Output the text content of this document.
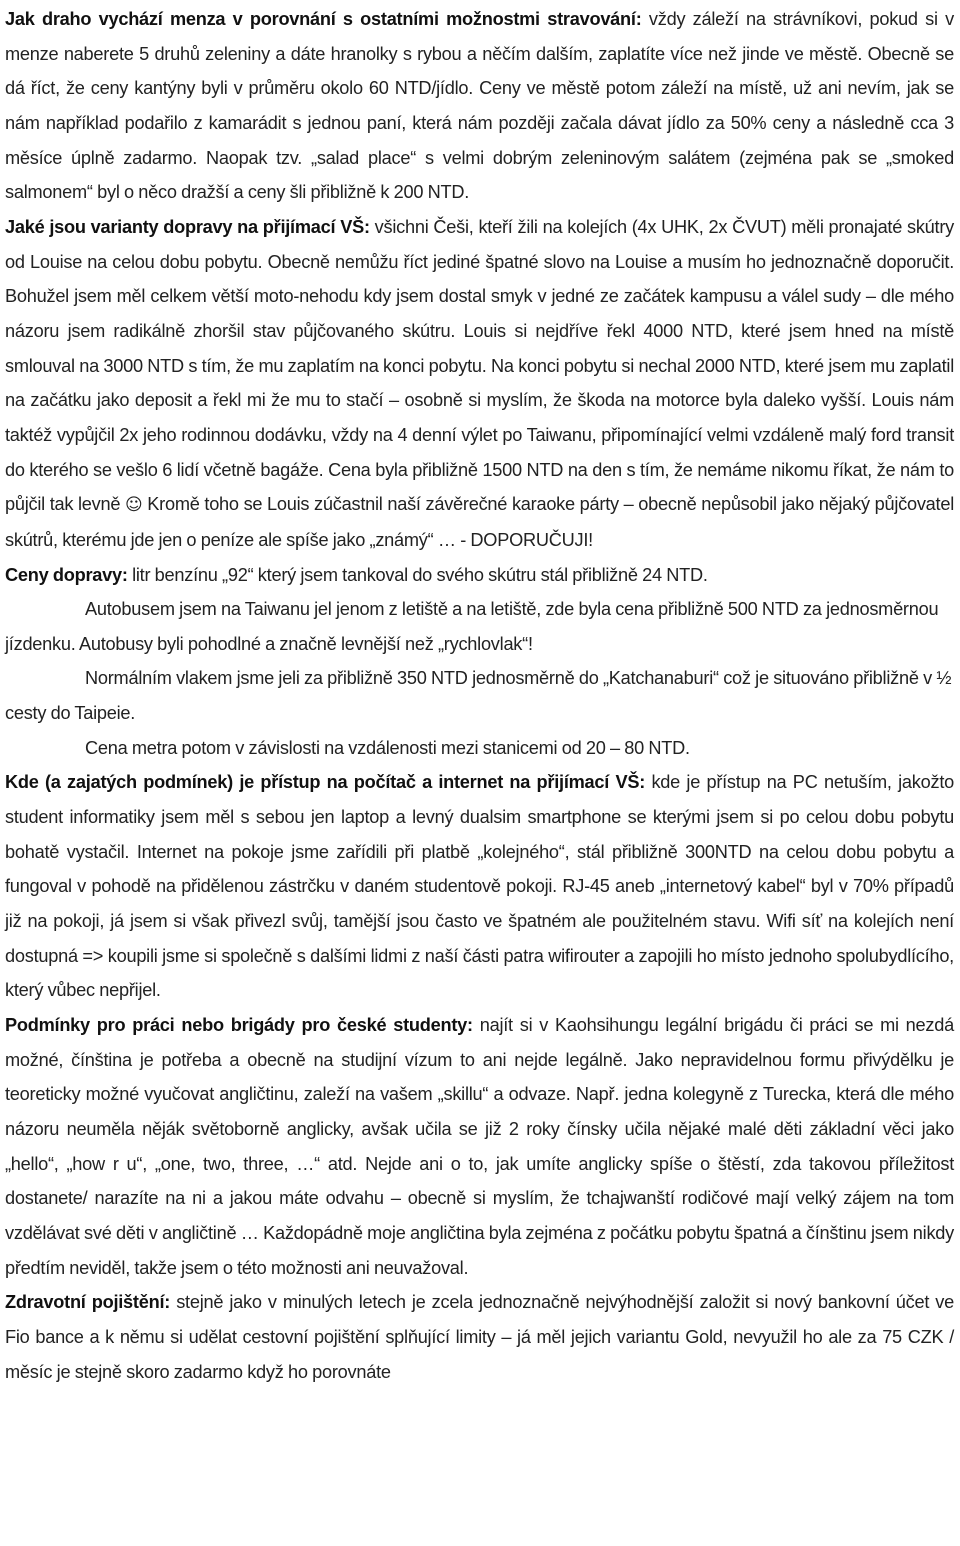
Jak draho vychází menza v porovnání s ostatními možnostmi stravování: vždy záleží na strávníkovi, pokud si v menze naberete 5 druhů zeleniny a dáte hranolky s rybou a něčím dalším, zaplatíte více než jinde ve městě. Obecně se dá říct, že ceny kantýny byli v průměru okolo 60 NTD/jídlo. Ceny ve městě potom záleží na místě, už ani nevím, jak se nám například podařilo z kamarádit s jednou paní, která nám později začala dávat jídlo za 50% ceny a následně cca 3 měsíce úplně zadarmo. Naopak tzv. „salad place“ s velmi dobrým zeleninovým salátem (zejména pak se „smoked salmonem“ byl o něco dražší a ceny šli přibližně k 200 NTD.

Jaké jsou varianty dopravy na přijímací VŠ: všichni Češi, kteří žili na kolejích (4x UHK, 2x ČVUT) měli pronajaté skútry od Louise na celou dobu pobytu. Obecně nemůžu říct jediné špatné slovo na Louise a musím ho jednoznačně doporučit. Bohužel jsem měl celkem větší moto-nehodu kdy jsem dostal smyk v jedné ze začátek kampusu a válel sudy – dle mého názoru jsem radikálně zhoršil stav půjčovaného skútru. Louis si nejdříve řekl 4000 NTD, které jsem hned na místě smlouval na 3000 NTD s tím, že mu zaplatím na konci pobytu. Na konci pobytu si nechal 2000 NTD, které jsem mu zaplatil na začátku jako deposit a řekl mi že mu to stačí – osobně si myslím, že škoda na motorce byla daleko vyšší. Louis nám taktéž vypůjčil 2x jeho rodinnou dodávku, vždy na 4 denní výlet po Taiwanu, připomínající velmi vzdáleně malý ford transit do kterého se vešlo 6 lidí včetně bagáže. Cena byla přibližně 1500 NTD na den s tím, že nemáme nikomu říkat, že nám to půjčil tak levně ☺ Kromě toho se Louis zúčastnil naší závěrečné karaoke párty – obecně nepůsobil jako nějaký půjčovatel skútrů, kterému jde jen o peníze ale spíše jako „známý“ … - DOPORUČUJI!

Ceny dopravy: litr benzínu „92“ který jsem tankoval do svého skútru stál přibližně 24 NTD.

Autobusem jsem na Taiwanu jel jenom z letiště a na letiště, zde byla cena přibližně 500 NTD za jednosměrnou jízdenku. Autobusy byli pohodlné a značně levnější než „rychlovlak“!

Normálním vlakem jsme jeli za přibližně 350 NTD jednosměrně do „Katchanaburi“ což je situováno přibližně v ½ cesty do Taipeie.

Cena metra potom v závislosti na vzdálenosti mezi stanicemi od 20 – 80 NTD.

Kde (a zajatých podmínek) je přístup na počítač a internet na přijímací VŠ: kde je přístup na PC netuším, jakožto student informatiky jsem měl s sebou jen laptop a levný dualsim smartphone se kterými jsem si po celou dobu pobytu bohatě vystačil. Internet na pokoje jsme zařídili při platbě „kolejného“, stál přibližně 300NTD na celou dobu pobytu a fungoval v pohodě na přidělenou zástrčku v daném studentově pokoji. RJ-45 aneb „internetový kabel“ byl v 70% případů již na pokoji, já jsem si však přivezl svůj, tamější jsou často ve špatném ale použitelném stavu. Wifi síť na kolejích není dostupná => koupili jsme si společně s dalšími lidmi z naší části patra wifirouter a zapojili ho místo jednoho spolubydlícího, který vůbec nepřijel.

Podmínky pro práci nebo brigády pro české studenty: najít si v Kaohsihungu legální brigádu či práci se mi nezdá možné, čínština je potřeba a obecně na studijní vízum to ani nejde legálně. Jako nepravidelnou formu přivýdělku je teoreticky možné vyučovat angličtinu, zaleží na vašem „skillu“ a odvaze. Např. jedna kolegyně z Turecka, která dle mého názoru neuměla něják světoborně anglicky, avšak učila se již 2 roky čínsky učila nějaké malé děti základní věci jako „hello“, „how r u“, „one, two, three, …“ atd. Nejde ani o to, jak umíte anglicky spíše o štěstí, zda takovou příležitost dostanete/ narazíte na ni a jakou máte odvahu – obecně si myslím, že tchajwanští rodičové mají velký zájem na tom vzdělávat své děti v angličtině … Každopádně moje angličtina byla zejména z počátku pobytu špatná a čínštinu jsem nikdy předtím neviděl, takže jsem o této možnosti ani neuvažoval.

Zdravotní pojištění: stejně jako v minulých letech je zcela jednoznačně nejvýhodnější založit si nový bankovní účet ve Fio bance a k němu si udělat cestovní pojištění splňující limity – já měl jejich variantu Gold, nevyužil ho ale za 75 CZK / měsíc je stejně skoro zadarmo když ho porovnáte
